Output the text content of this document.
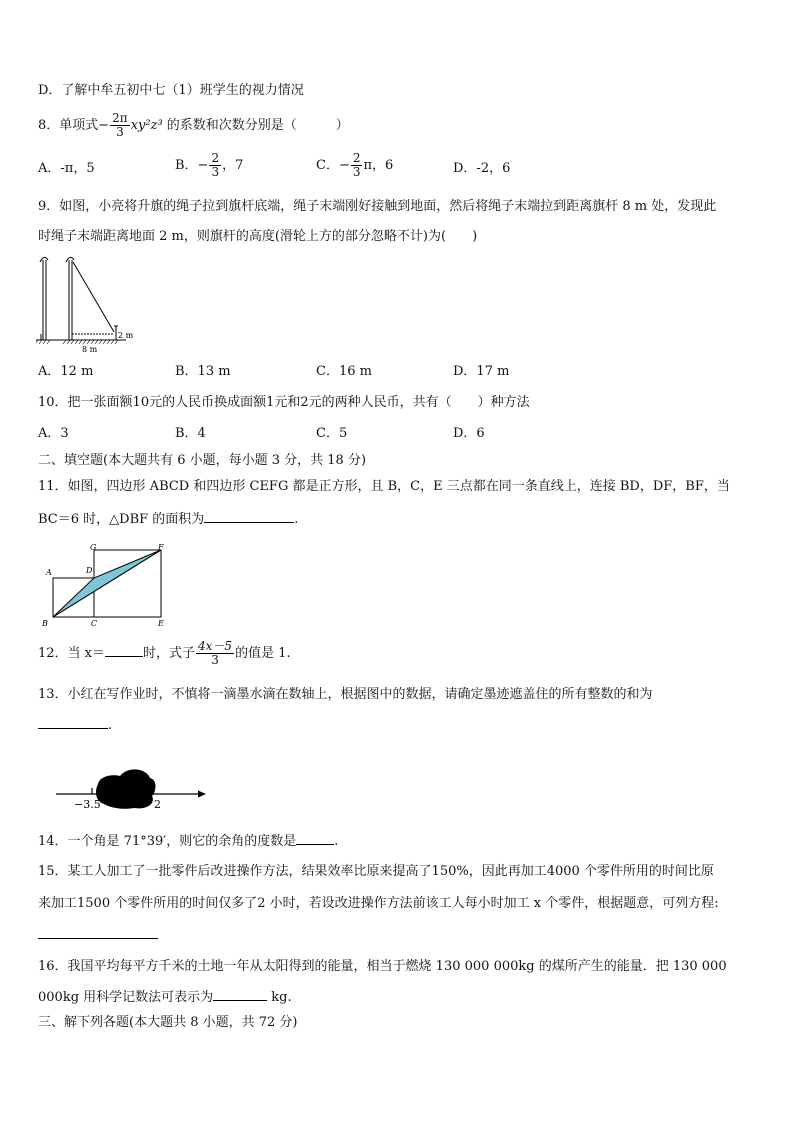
D．了解中牟五初中七（1）班学生的视力情况
8．单项式− $\frac{2\pi}{3} xy^2z^3$ 的系数和次数分别是（　　　）
A．-π，5	B．− $\frac{2}{3}$ ，7	C．− $\frac{2}{3}$ π，6	D．-2，6
9．如图，小亮将升旗的绳子拉到旗杆底端，绳子末端刚好接触到地面，然后将绳子末端拉到距离旗杆 8 m 处，发现此
时绳子末端距离地面 2 m，则旗杆的高度(滑轮上方的部分忽略不计)为(　　)
8 m
2 m
A．12 m	B．13 m	C．16 m	D．17 m
10．把一张面额10元的人民币换成面额1元和2元的两种人民币，共有（　　）种方法
A．3	B．4	C．5	D．6
二、填空题(本大题共有 6 小题，每小题 3 分，共 18 分)
11．如图，四边形 ABCD 和四边形 CEFG 都是正方形，且 B，C，E 三点都在同一条直线上，连接 BD，DF，BF，当
BC＝6 时，△DBF 的面积为	.
A
B	C
D
E
F
G
12．当 x＝	时，式子 $\frac{4x-5}{3}$ 的值是 1.
13．小红在写作业时，不慎将一滴墨水滴在数轴上，根据图中的数据，请确定墨迹遮盖住的所有整数的和为
.
−3.5	2
14．一个角是 71°39′，则它的余角的度数是	.
15．某工人加工了一批零件后改进操作方法，结果效率比原来提高了150%，因此再加工4000 个零件所用的时间比原
来加工1500 个零件所用的时间仅多了2 小时，若设改进操作方法前该工人每小时加工 x 个零件，根据题意，可列方程:
16．我国平均每平方千米的土地一年从太阳得到的能量，相当于燃烧 130 000 000kg 的煤所产生的能量．把 130 000
000kg 用科学记数法可表示为	kg.
三、解下列各题(本大题共 8 小题，共 72 分)
